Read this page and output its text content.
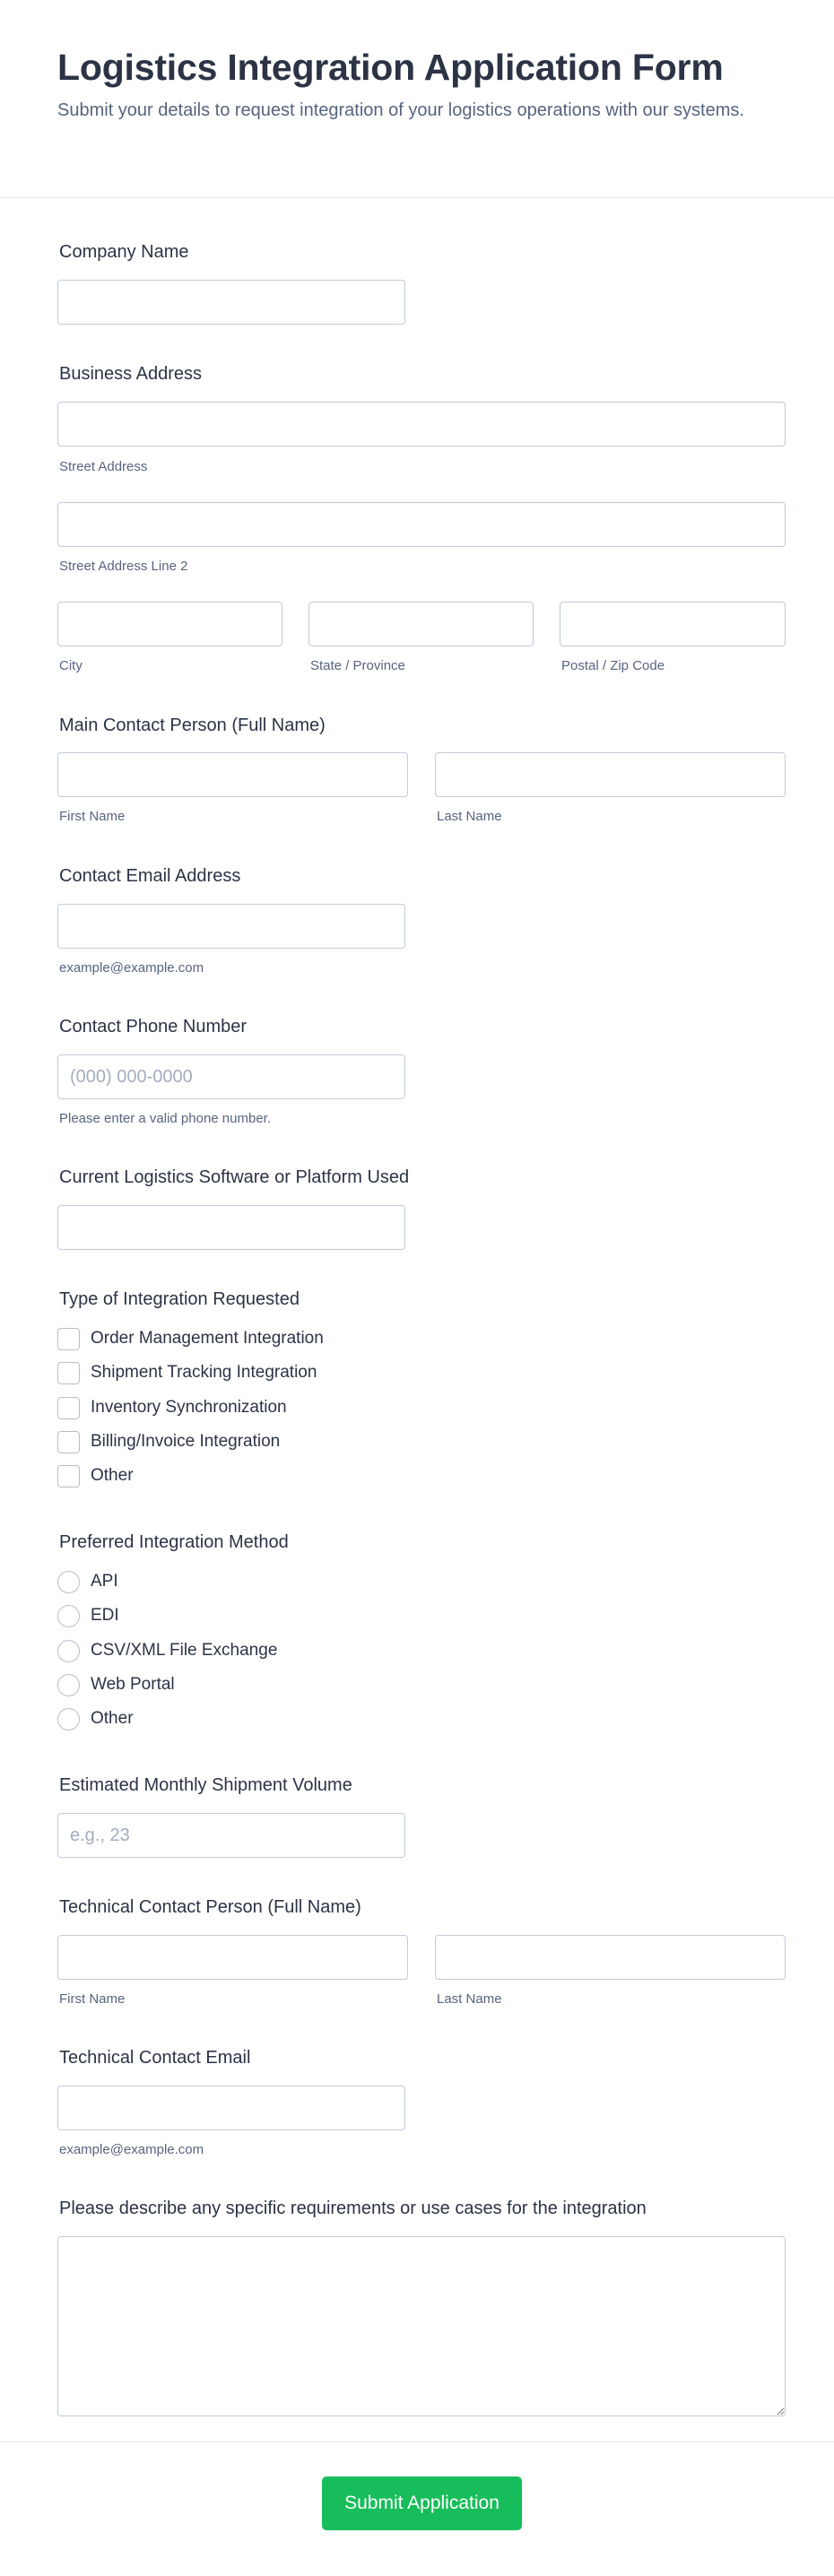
Logistics Integration Application Form
Submit your details to request integration of your logistics operations with our systems.
Company Name
Business Address
Street Address
Street Address Line 2
City	State / Province	Postal / Zip Code
Main Contact Person (Full Name)
First Name	Last Name
Contact Email Address
example@example.com
Contact Phone Number
(000) 000-0000
Please enter a valid phone number.
Current Logistics Software or Platform Used
Type of Integration Requested
Order Management Integration
Shipment Tracking Integration
Inventory Synchronization
Billing/Invoice Integration
Other
Preferred Integration Method
API
EDI
CSV/XML File Exchange
Web Portal
Other
Estimated Monthly Shipment Volume
e.g., 23
Technical Contact Person (Full Name)
First Name	Last Name
Technical Contact Email
example@example.com
Please describe any specific requirements or use cases for the integration
Submit Application
